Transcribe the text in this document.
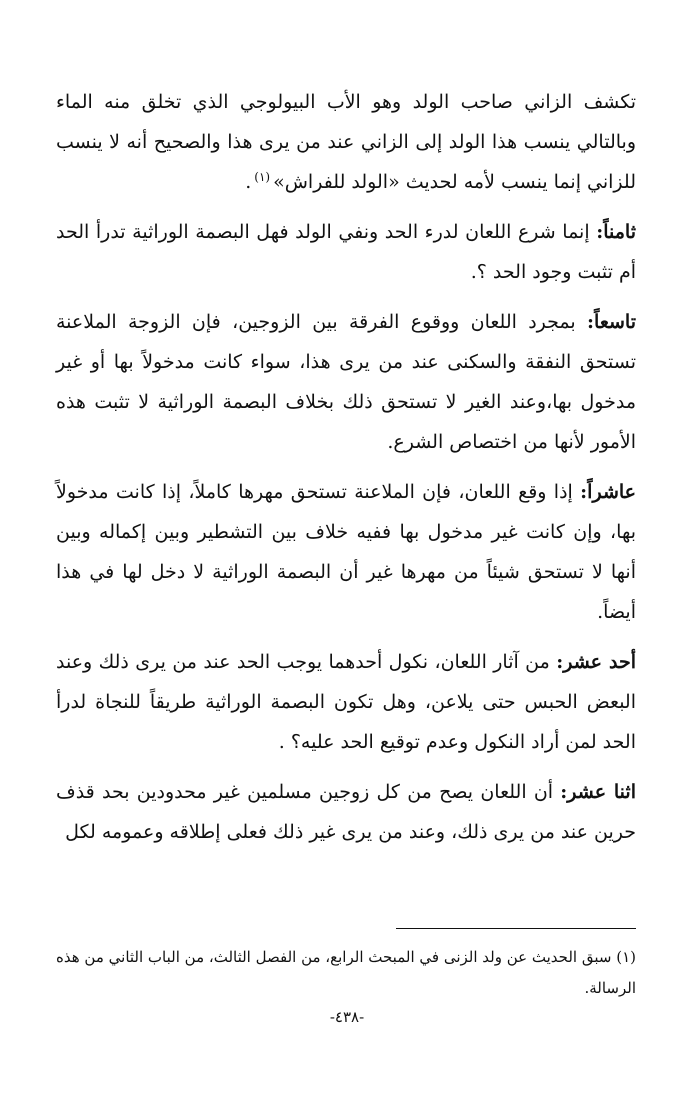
تكشف الزاني صاحب الولد وهو الأب البيولوجي الذي تخلق منه الماء وبالتالي ينسب هذا الولد إلى الزاني عند من يرى هذا والصحيح أنه لا ينسب للزاني إنما ينسب لأمه لحديث «الولد للفراش»$^{(١)}$.

ثامناً: إنما شرع اللعان لدرء الحد ونفي الولد فهل البصمة الوراثية تدرأ الحد أم تثبت وجود الحد ؟.

تاسعاً: بمجرد اللعان ووقوع الفرقة بين الزوجين، فإن الزوجة الملاعنة تستحق النفقة والسكنى عند من يرى هذا، سواء كانت مدخولاً بها أو غير مدخول بها،وعند الغير لا تستحق ذلك بخلاف البصمة الوراثية لا تثبت هذه الأمور لأنها من اختصاص الشرع.

عاشراً: إذا وقع اللعان، فإن الملاعنة تستحق مهرها كاملاً، إذا كانت مدخولاً بها، وإن كانت غير مدخول بها ففيه خلاف بين التشطير وبين إكماله وبين أنها لا تستحق شيئاً من مهرها غير أن البصمة الوراثية لا دخل لها في هذا أيضاً.

أحد عشر: من آثار اللعان، نكول أحدهما يوجب الحد عند من يرى ذلك وعند البعض الحبس حتى يلاعن، وهل تكون البصمة الوراثية طريقاً للنجاة لدرأ الحد لمن أراد النكول وعدم توقيع الحد عليه؟ .

اثنا عشر: أن اللعان يصح من كل زوجين مسلمين غير محدودين بحد قذف حرين عند من يرى ذلك، وعند من يرى غير ذلك فعلى إطلاقه وعمومه لكل

(١) سبق الحديث عن ولد الزنى في المبحث الرابع، من الفصل الثالث، من الباب الثاني من هذه الرسالة.
-٤٣٨-
